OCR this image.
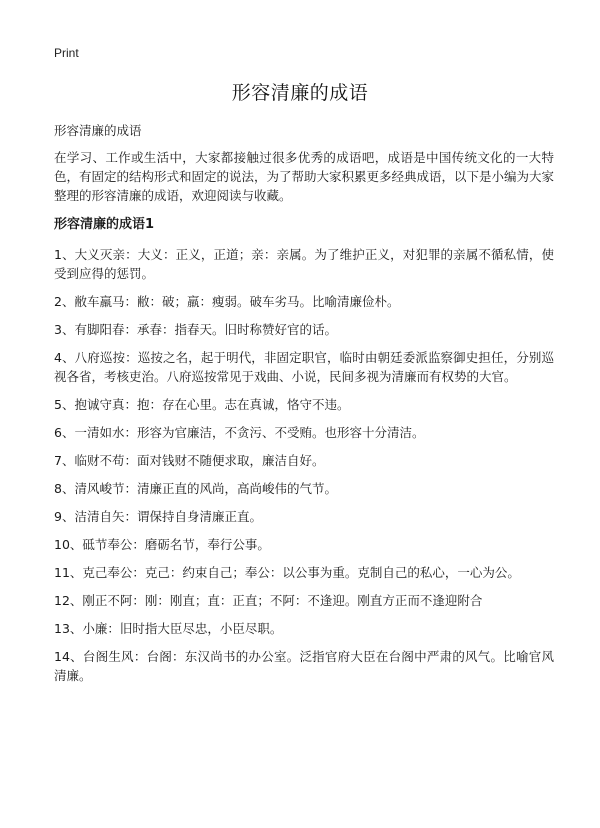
Print
形容清廉的成语
形容清廉的成语

在学习、工作或生活中，大家都接触过很多优秀的成语吧，成语是中国传统文化的一大特色，有固定的结构形式和固定的说法，为了帮助大家积累更多经典成语，以下是小编为大家整理的形容清廉的成语，欢迎阅读与收藏。

形容清廉的成语1

1、大义灭亲：大义：正义，正道；亲：亲属。为了维护正义，对犯罪的亲属不循私情，使受到应得的惩罚。

2、敝车羸马：敝：破；羸：瘦弱。破车劣马。比喻清廉俭朴。

3、有脚阳春：承春：指春天。旧时称赞好官的话。

4、八府巡按：巡按之名，起于明代，非固定职官，临时由朝廷委派监察御史担任，分别巡视各省，考核吏治。八府巡按常见于戏曲、小说，民间多视为清廉而有权势的大官。

5、抱诚守真：抱：存在心里。志在真诚，恪守不违。

6、一清如水：形容为官廉洁，不贪污、不受贿。也形容十分清洁。

7、临财不苟：面对钱财不随便求取，廉洁自好。

8、清风峻节：清廉正直的风尚，高尚峻伟的气节。

9、洁清自矢：谓保持自身清廉正直。

10、砥节奉公：磨砺名节，奉行公事。

11、克己奉公：克己：约束自己；奉公：以公事为重。克制自己的私心，一心为公。

12、刚正不阿：刚：刚直；直：正直；不阿：不逢迎。刚直方正而不逢迎附合

13、小廉：旧时指大臣尽忠，小臣尽职。

14、台阁生风：台阁：东汉尚书的办公室。泛指官府大臣在台阁中严肃的风气。比喻官风清廉。
